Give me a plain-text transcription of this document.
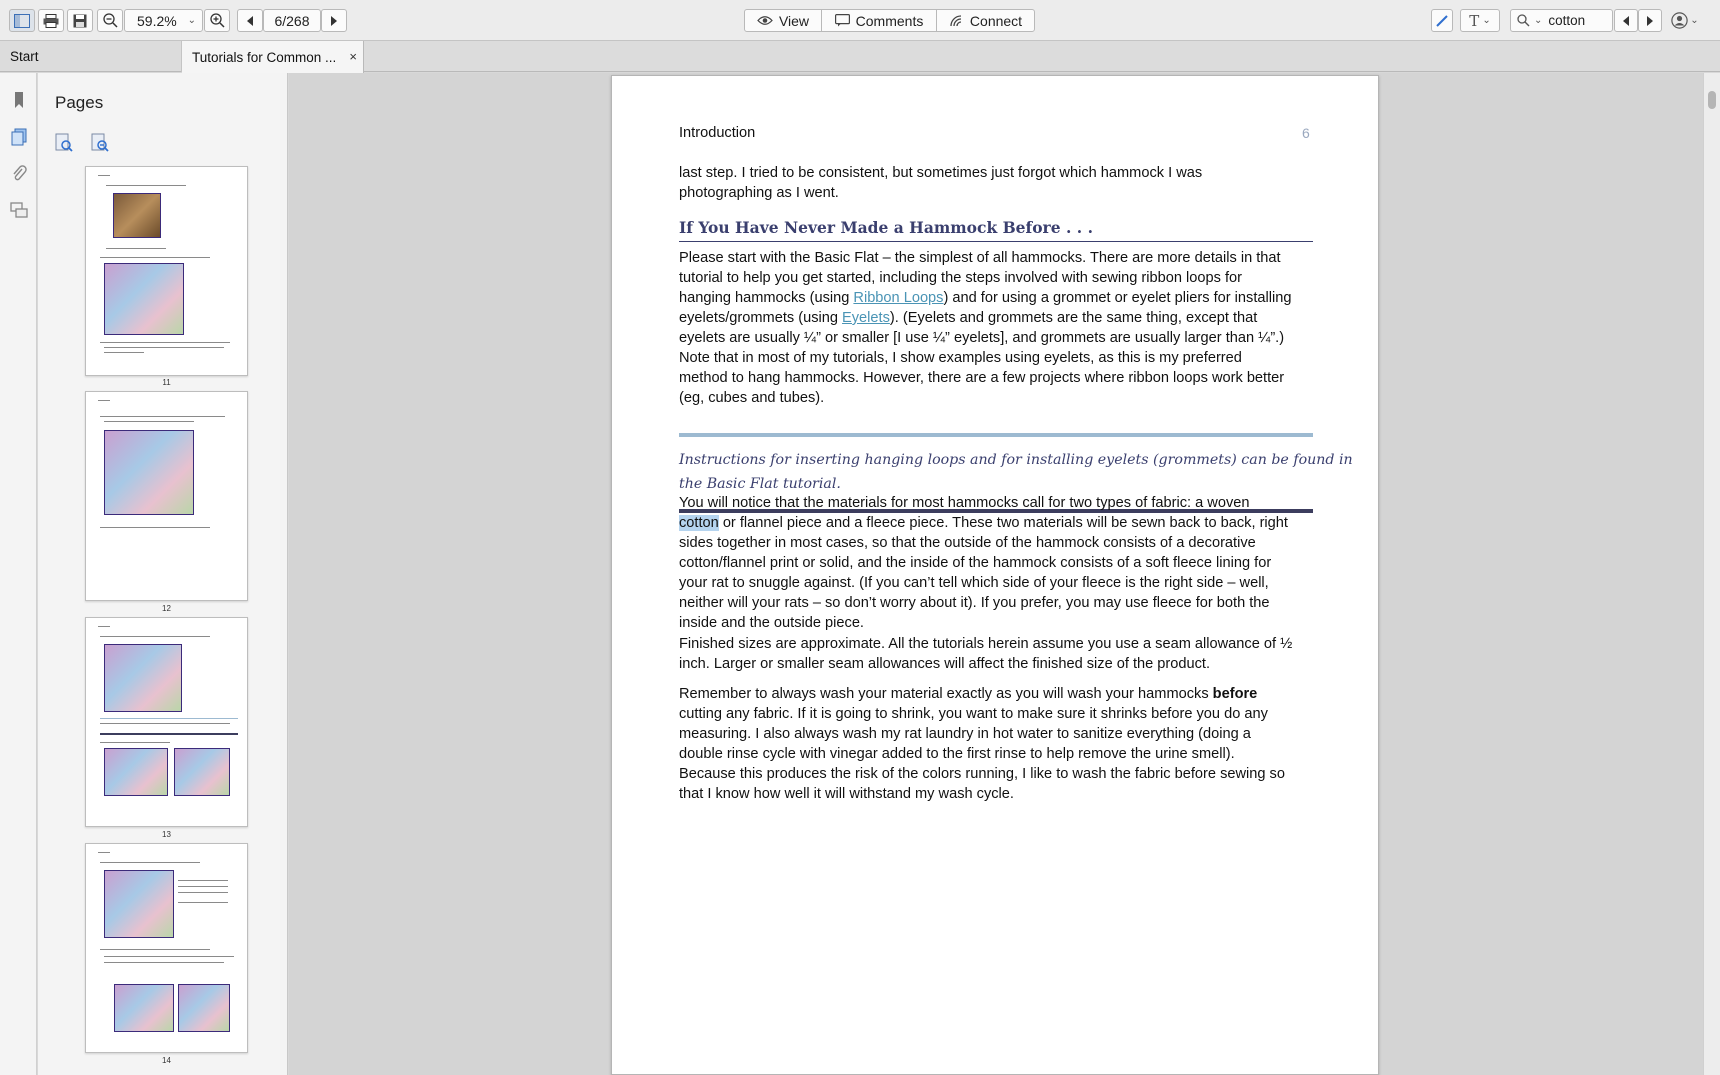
59.2% ⌄	6/268	View	Comments	Connect	T ⌄	⌄ cotton	⌄
Start	Tutorials for Common ... ×
Pages
11
12
13
14
Introduction	6
last step. I tried to be consistent, but sometimes just forgot which hammock I was
photographing as I went.
If You Have Never Made a Hammock Before . . .
Please start with the Basic Flat – the simplest of all hammocks. There are more details in that
tutorial to help you get started, including the steps involved with sewing ribbon loops for
hanging hammocks (using Ribbon Loops) and for using a grommet or eyelet pliers for installing
eyelets/grommets (using Eyelets). (Eyelets and grommets are the same thing, except that
eyelets are usually ¼” or smaller [I use ¼” eyelets], and grommets are usually larger than ¼”.)
Note that in most of my tutorials, I show examples using eyelets, as this is my preferred
method to hang hammocks. However, there are a few projects where ribbon loops work better
(eg, cubes and tubes).
Instructions for inserting hanging loops and for installing eyelets (grommets) can be found in
the Basic Flat tutorial.
You will notice that the materials for most hammocks call for two types of fabric: a woven
cotton or flannel piece and a fleece piece. These two materials will be sewn back to back, right
sides together in most cases, so that the outside of the hammock consists of a decorative
cotton/flannel print or solid, and the inside of the hammock consists of a soft fleece lining for
your rat to snuggle against. (If you can’t tell which side of your fleece is the right side – well,
neither will your rats – so don’t worry about it). If you prefer, you may use fleece for both the
inside and the outside piece.
Finished sizes are approximate. All the tutorials herein assume you use a seam allowance of ½
inch. Larger or smaller seam allowances will affect the finished size of the product.
Remember to always wash your material exactly as you will wash your hammocks before
cutting any fabric. If it is going to shrink, you want to make sure it shrinks before you do any
measuring. I also always wash my rat laundry in hot water to sanitize everything (doing a
double rinse cycle with vinegar added to the first rinse to help remove the urine smell).
Because this produces the risk of the colors running, I like to wash the fabric before sewing so
that I know how well it will withstand my wash cycle.
